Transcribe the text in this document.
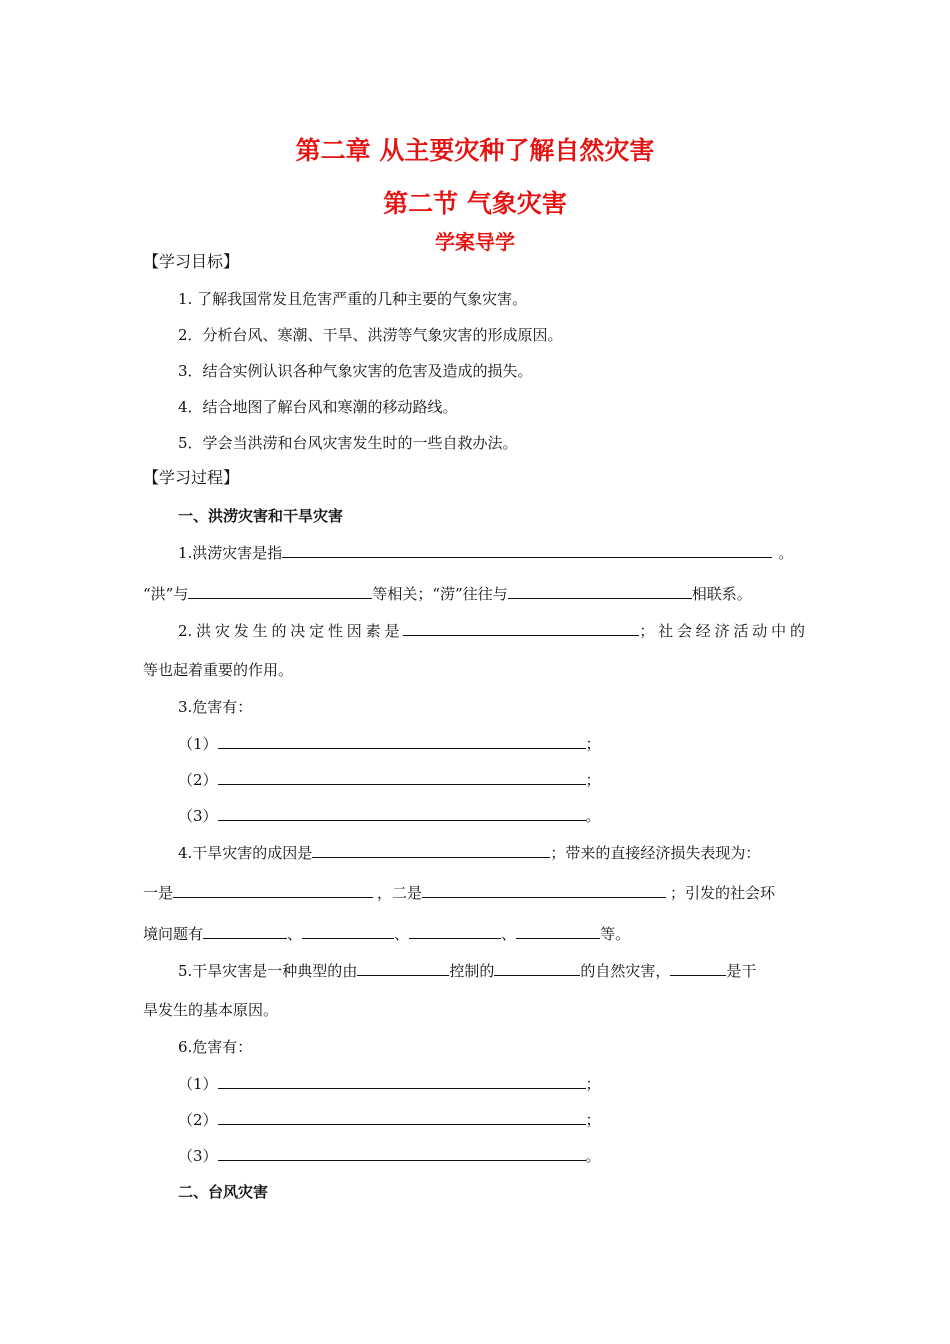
第二章 从主要灾种了解自然灾害
第二节 气象灾害
学案导学
【学习目标】
1. 了解我国常发且危害严重的几种主要的气象灾害。
2．分析台风、寒潮、干旱、洪涝等气象灾害的形成原因。
3．结合实例认识各种气象灾害的危害及造成的损失。
4．结合地图了解台风和寒潮的移动路线。
5．学会当洪涝和台风灾害发生时的一些自救办法。
【学习过程】
一、洪涝灾害和干旱灾害
1.洪涝灾害是指	。
“洪”与	等相关；“涝”往往与	相联系。
2.洪灾发生的决定性因素是	；社会经济活动中的
等也起着重要的作用。
3.危害有：
（1）	；
（2）	；
（3）	。
4.干旱灾害的成因是	；带来的直接经济损失表现为：
一是	，二是	；引发的社会环
境问题有	、	、	、	等。
5.干旱灾害是一种典型的由	控制的	的自然灾害，	是干
旱发生的基本原因。
6.危害有：
（1）	；
（2）	；
（3）	。
二、台风灾害
